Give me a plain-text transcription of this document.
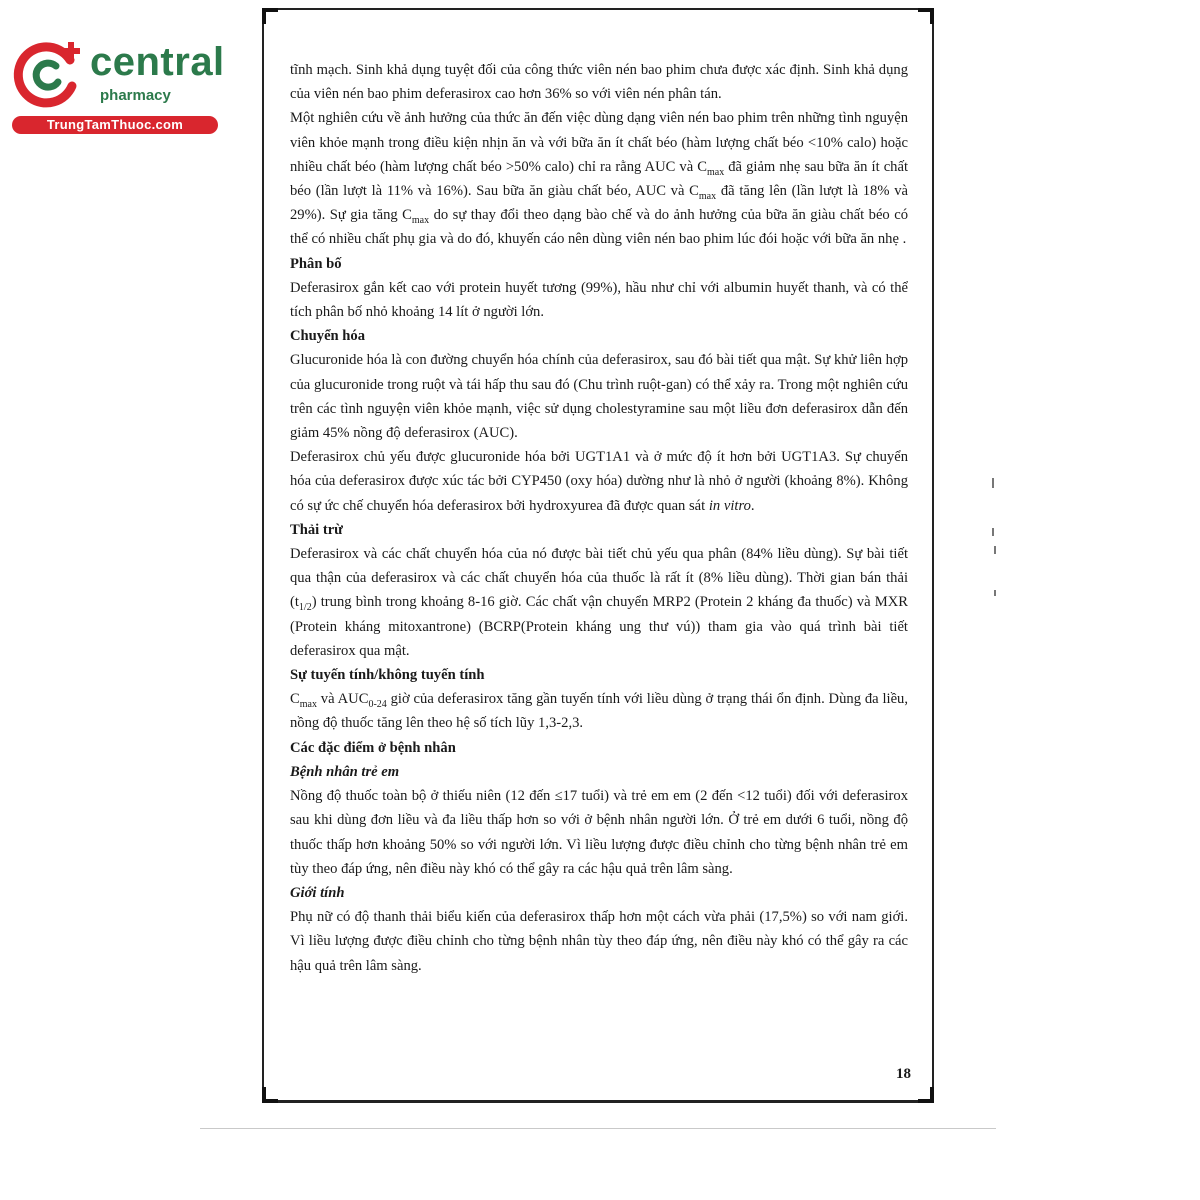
central
pharmacy
TrungTamThuoc.com

tĩnh mạch. Sinh khả dụng tuyệt đối của công thức viên nén bao phim chưa được xác định. Sinh khả dụng của viên nén bao phim deferasirox cao hơn 36% so với viên nén phân tán.

Một nghiên cứu về ảnh hưởng của thức ăn đến việc dùng dạng viên nén bao phim trên những tình nguyện viên khỏe mạnh trong điều kiện nhịn ăn và với bữa ăn ít chất béo (hàm lượng chất béo <10% calo) hoặc nhiều chất béo (hàm lượng chất béo >50% calo) chỉ ra rằng AUC và $C_{max}$ đã giảm nhẹ sau bữa ăn ít chất béo (lần lượt là 11% và 16%). Sau bữa ăn giàu chất béo, AUC và $C_{max}$ đã tăng lên (lần lượt là 18% và 29%). Sự gia tăng $C_{max}$ do sự thay đổi theo dạng bào chế và do ảnh hưởng của bữa ăn giàu chất béo có thể có nhiều chất phụ gia và do đó, khuyến cáo nên dùng viên nén bao phim lúc đói hoặc với bữa ăn nhẹ .

Phân bố

Deferasirox gắn kết cao với protein huyết tương (99%), hầu như chỉ với albumin huyết thanh, và có thể tích phân bố nhỏ khoảng 14 lít ở người lớn.

Chuyển hóa

Glucuronide hóa là con đường chuyển hóa chính của deferasirox, sau đó bài tiết qua mật. Sự khử liên hợp của glucuronide trong ruột và tái hấp thu sau đó (Chu trình ruột-gan) có thể xảy ra. Trong một nghiên cứu trên các tình nguyện viên khỏe mạnh, việc sử dụng cholestyramine sau một liều đơn deferasirox dẫn đến giảm 45% nồng độ deferasirox (AUC).

Deferasirox chủ yếu được glucuronide hóa bởi UGT1A1 và ở mức độ ít hơn bởi UGT1A3. Sự chuyển hóa của deferasirox được xúc tác bởi CYP450 (oxy hóa) dường như là nhỏ ở người (khoảng 8%). Không có sự ức chế chuyển hóa deferasirox bởi hydroxyurea đã được quan sát in vitro.

Thải trừ

Deferasirox và các chất chuyển hóa của nó được bài tiết chủ yếu qua phân (84% liều dùng). Sự bài tiết qua thận của deferasirox và các chất chuyển hóa của thuốc là rất ít (8% liều dùng). Thời gian bán thải $(t_{1/2})$ trung bình trong khoảng 8-16 giờ. Các chất vận chuyển MRP2 (Protein 2 kháng đa thuốc) và MXR (Protein kháng mitoxantrone) (BCRP(Protein kháng ung thư vú)) tham gia vào quá trình bài tiết deferasirox qua mật.

Sự tuyến tính/không tuyến tính

$C_{max}$ và $AUC_{0-24}$ giờ của deferasirox tăng gần tuyến tính với liều dùng ở trạng thái ổn định. Dùng đa liều, nồng độ thuốc tăng lên theo hệ số tích lũy 1,3-2,3.

Các đặc điểm ở bệnh nhân
Bệnh nhân trẻ em

Nồng độ thuốc toàn bộ ở thiếu niên (12 đến ≤17 tuổi) và trẻ em em (2 đến <12 tuổi) đối với deferasirox sau khi dùng đơn liều và đa liều thấp hơn so với ở bệnh nhân người lớn. Ở trẻ em dưới 6 tuổi, nồng độ thuốc thấp hơn khoảng 50% so với người lớn. Vì liều lượng được điều chỉnh cho từng bệnh nhân trẻ em tùy theo đáp ứng, nên điều này khó có thể gây ra các hậu quả trên lâm sàng.

Giới tính

Phụ nữ có độ thanh thải biểu kiến của deferasirox thấp hơn một cách vừa phải (17,5%) so với nam giới. Vì liều lượng được điều chỉnh cho từng bệnh nhân tùy theo đáp ứng, nên điều này khó có thể gây ra các hậu quả trên lâm sàng.

18
